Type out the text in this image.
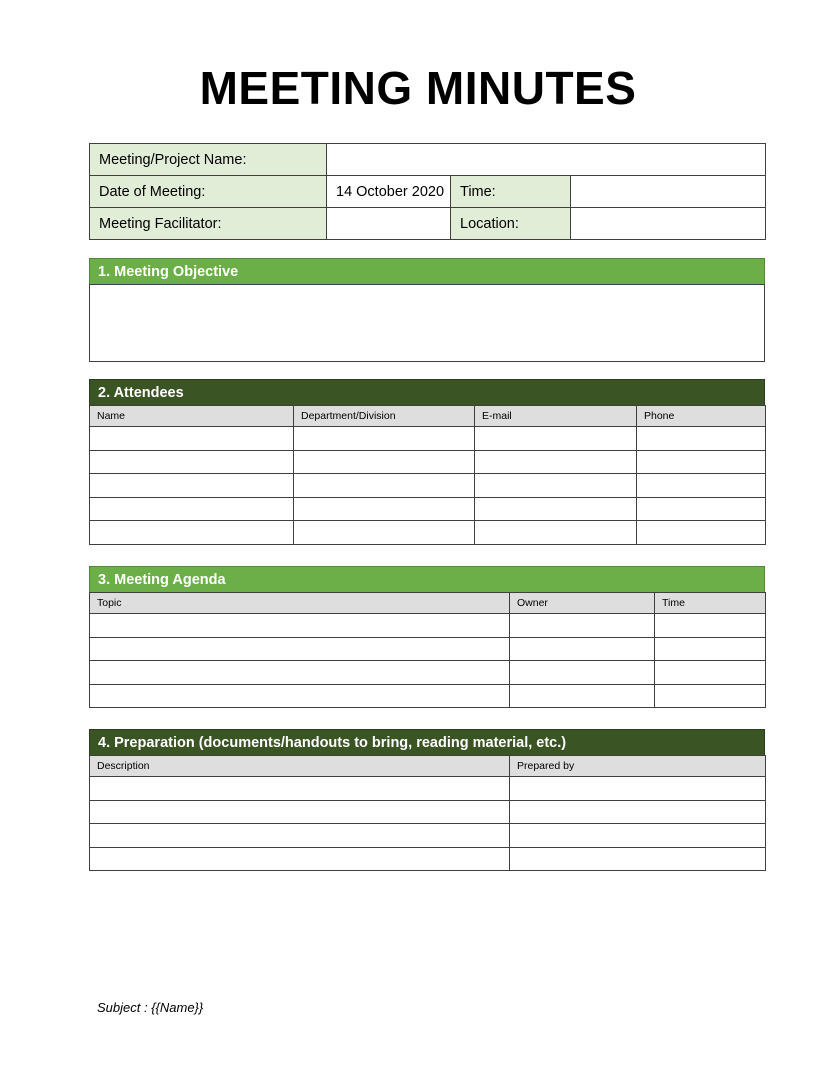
MEETING MINUTES
Meeting/Project Name:			
Date of Meeting:	14 October 2020	Time:	
Meeting Facilitator:		Location:	
1. Meeting Objective
2. Attendees
Name	Department/Division	E-mail	Phone

3. Meeting Agenda
Topic	Owner	Time

4. Preparation (documents/handouts to bring, reading material, etc.)
Description	Prepared by

Subject : {{Name}}
